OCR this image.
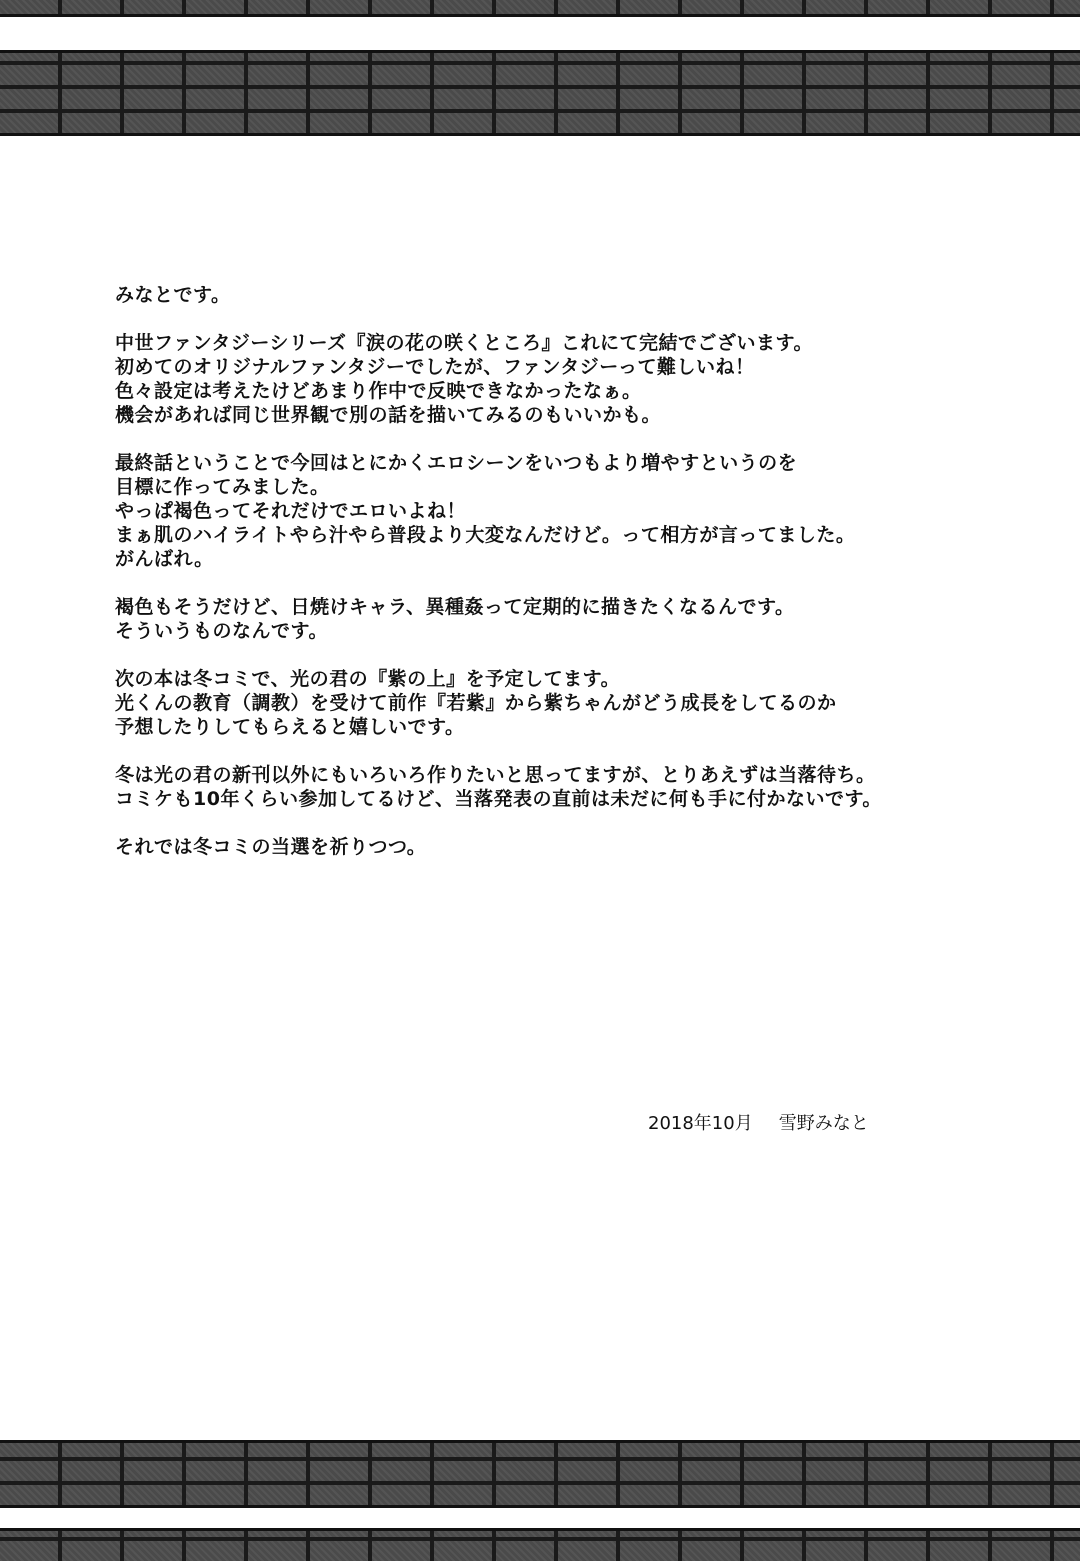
みなとです。
中世ファンタジーシリーズ『涙の花の咲くところ』これにて完結でございます。
初めてのオリジナルファンタジーでしたが、ファンタジーって難しいね！
色々設定は考えたけどあまり作中で反映できなかったなぁ。
機会があれば同じ世界観で別の話を描いてみるのもいいかも。
最終話ということで今回はとにかくエロシーンをいつもより増やすというのを
目標に作ってみました。
やっぱ褐色ってそれだけでエロいよね！
まぁ肌のハイライトやら汁やら普段より大変なんだけど。って相方が言ってました。
がんばれ。
褐色もそうだけど、日焼けキャラ、異種姦って定期的に描きたくなるんです。
そういうものなんです。
次の本は冬コミで、光の君の『紫の上』を予定してます。
光くんの教育（調教）を受けて前作『若紫』から紫ちゃんがどう成長をしてるのか
予想したりしてもらえると嬉しいです。
冬は光の君の新刊以外にもいろいろ作りたいと思ってますが、とりあえずは当落待ち。
コミケも10年くらい参加してるけど、当落発表の直前は未だに何も手に付かないです。
それでは冬コミの当選を祈りつつ。
2018年10月 雪野みなと
